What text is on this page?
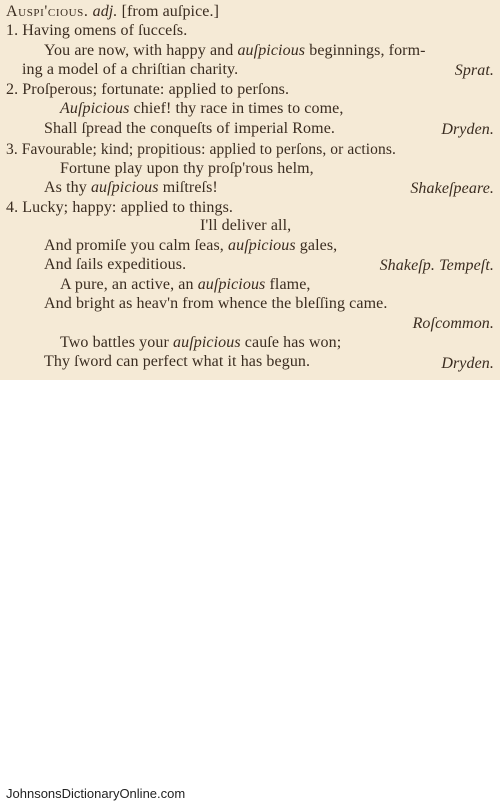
Auspi'cious. adj. [from auſpice.]
1. Having omens of ſucceſs.
You are now, with happy and auſpicious beginnings, form-
ing a model of a chriſtian charity.	Sprat.
2. Proſperous; fortunate: applied to perſons.
Auſpicious chief! thy race in times to come,
Shall ſpread the conqueſts of imperial Rome.	Dryden.
3. Favourable; kind; propitious: applied to perſons, or actions.
Fortune play upon thy proſp'rous helm,
As thy auſpicious miſtreſs!	Shakeſpeare.
4. Lucky; happy: applied to things.
I'll deliver all,
And promiſe you calm ſeas, auſpicious gales,
And ſails expeditious.	Shakeſp. Tempeſt.
A pure, an active, an auſpicious flame,
And bright as heav'n from whence the bleſſing came.
Roſcommon.
Two battles your auſpicious cauſe has won;
Thy ſword can perfect what it has begun.	Dryden.
JohnsonsDictionaryOnline.com
